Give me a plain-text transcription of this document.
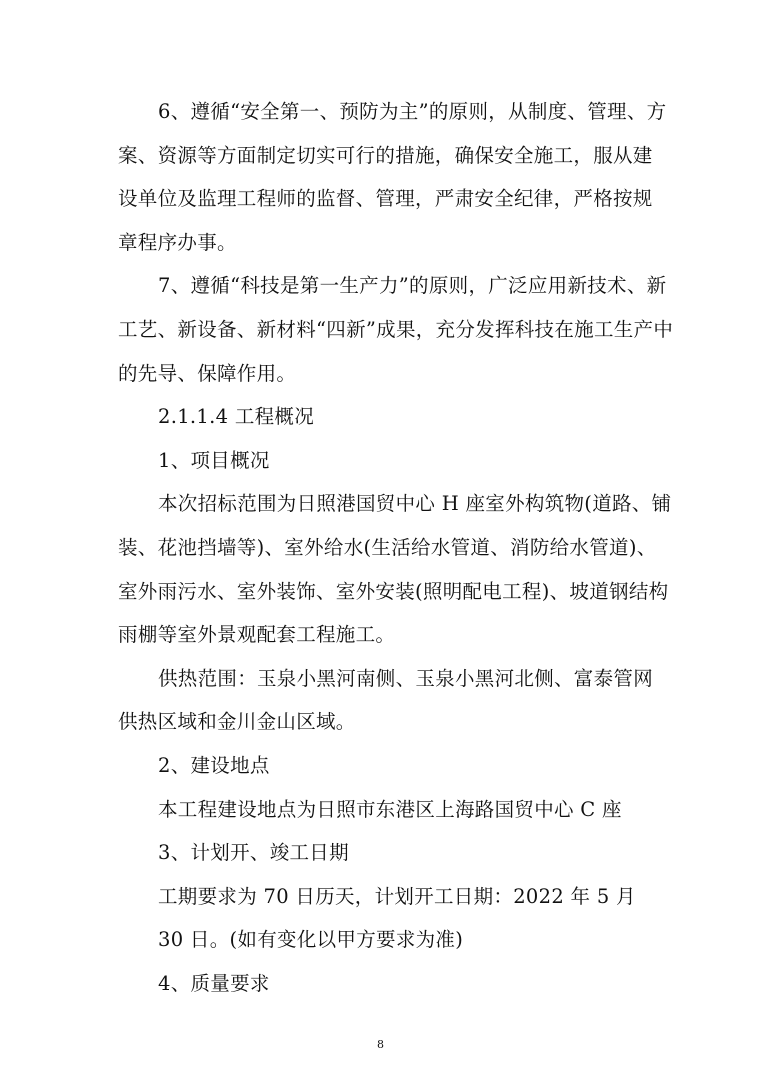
6、遵循“安全第一、预防为主”的原则，从制度、管理、方
案、资源等方面制定切实可行的措施，确保安全施工，服从建
设单位及监理工程师的监督、管理，严肃安全纪律，严格按规
章程序办事。
7、遵循“科技是第一生产力”的原则，广泛应用新技术、新
工艺、新设备、新材料“四新”成果，充分发挥科技在施工生产中
的先导、保障作用。
2.1.1.4 工程概况
1、项目概况
本次招标范围为日照港国贸中心 H 座室外构筑物(道路、铺
装、花池挡墙等)、室外给水(生活给水管道、消防给水管道)、
室外雨污水、室外装饰、室外安装(照明配电工程)、坡道钢结构
雨棚等室外景观配套工程施工。
供热范围：玉泉小黑河南侧、玉泉小黑河北侧、富泰管网
供热区域和金川金山区域。
2、建设地点
本工程建设地点为日照市东港区上海路国贸中心 C 座
3、计划开、竣工日期
工期要求为 70 日历天，计划开工日期：2022 年 5 月
30 日。(如有变化以甲方要求为准)
4、质量要求
8
